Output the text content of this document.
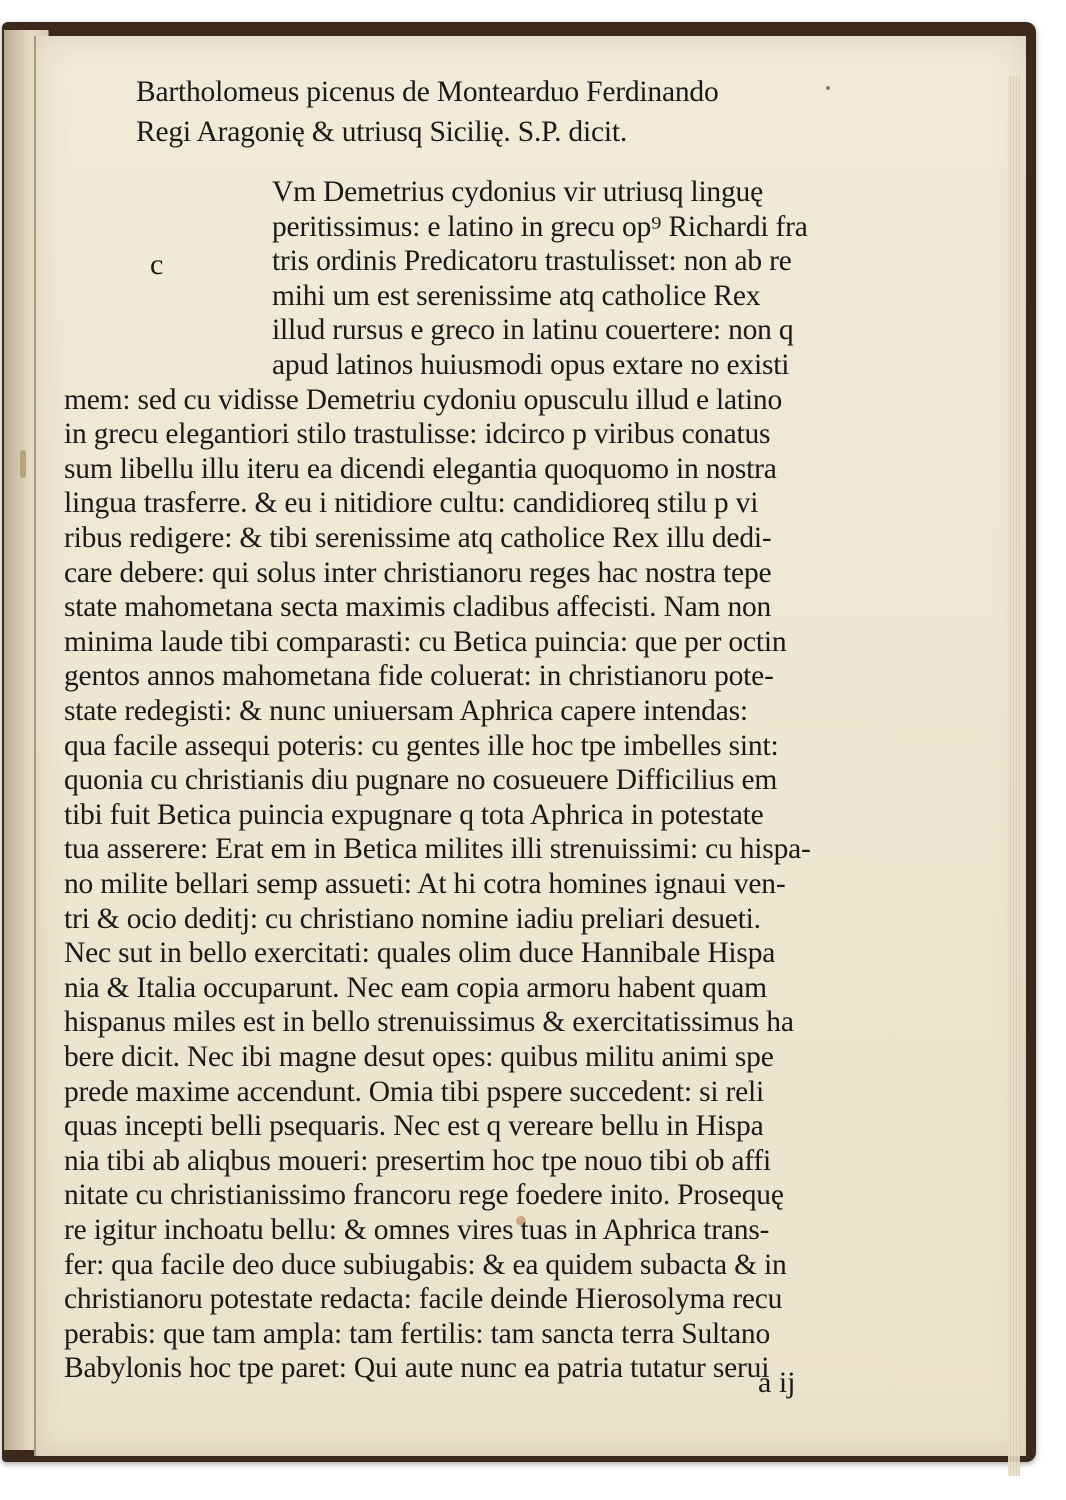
c
Bartholomeus picenus de Montearduo Ferdinando
Regi Aragonię & utriusq Sicilię. S.P. dicit.
Vm Demetrius cydonius vir utriusq linguę
peritissimus: e latino in grecu op⁹ Richardi fra
tris ordinis Predicatoru trastulisset: non ab re
mihi um est serenissime atq catholice Rex
illud rursus e greco in latinu couertere: non q
apud latinos huiusmodi opus extare no existi
mem: sed cu vidisse Demetriu cydoniu opusculu illud e latino
in grecu elegantiori stilo trastulisse: idcirco p viribus conatus
sum libellu illu iteru ea dicendi elegantia quoquomo in nostra
lingua trasferre. & eu i nitidiore cultu: candidioreq stilu p vi
ribus redigere: & tibi serenissime atq catholice Rex illu dedi-
care debere: qui solus inter christianoru reges hac nostra tepe
state mahometana secta maximis cladibus affecisti. Nam non
minima laude tibi comparasti: cu Betica puincia: que per octin
gentos annos mahometana fide coluerat: in christianoru pote-
state redegisti: & nunc uniuersam Aphrica capere intendas:
qua facile assequi poteris: cu gentes ille hoc tpe imbelles sint:
quonia cu christianis diu pugnare no cosueuere Difficilius em
tibi fuit Betica puincia expugnare q tota Aphrica in potestate
tua asserere: Erat em in Betica milites illi strenuissimi: cu hispa-
no milite bellari semp assueti: At hi cotra homines ignaui ven-
tri & ocio deditj: cu christiano nomine iadiu preliari desueti.
Nec sut in bello exercitati: quales olim duce Hannibale Hispa
nia & Italia occuparunt. Nec eam copia armoru habent quam
hispanus miles est in bello strenuissimus & exercitatissimus ha
bere dicit. Nec ibi magne desut opes: quibus militu animi spe
prede maxime accendunt. Omia tibi pspere succedent: si reli
quas incepti belli psequaris. Nec est q vereare bellu in Hispa
nia tibi ab aliqbus moueri: presertim hoc tpe nouo tibi ob affi
nitate cu christianissimo francoru rege foedere inito. Prosequę
re igitur inchoatu bellu: & omnes vires tuas in Aphrica trans-
fer: qua facile deo duce subiugabis: & ea quidem subacta & in
christianoru potestate redacta: facile deinde Hierosolyma recu
perabis: que tam ampla: tam fertilis: tam sancta terra Sultano
Babylonis hoc tpe paret: Qui aute nunc ea patria tutatur serui
a ij
